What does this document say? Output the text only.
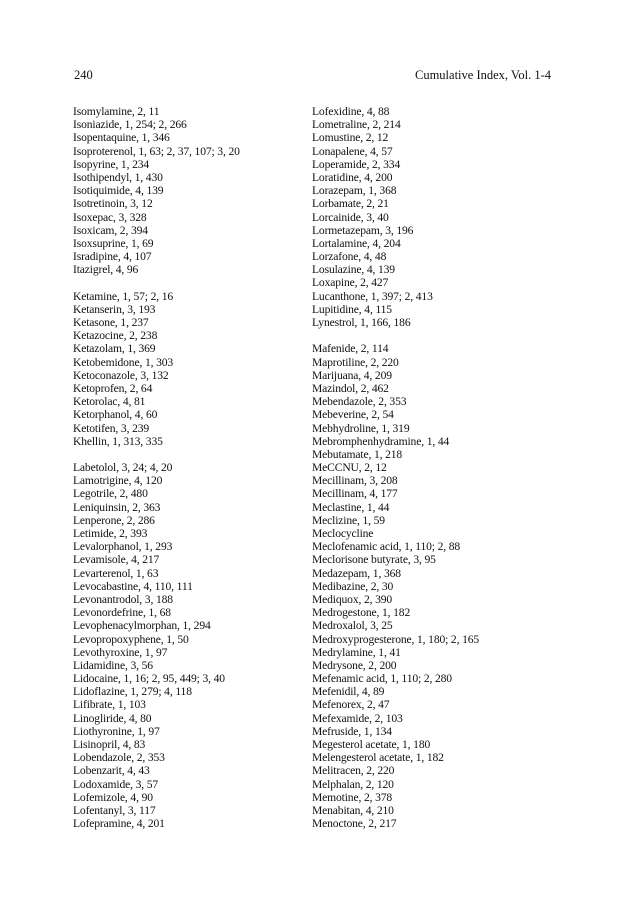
240	Cumulative Index, Vol. 1-4
Isomylamine, 2, 11
Isoniazide, 1, 254; 2, 266
Isopentaquine, 1, 346
Isoproterenol, 1, 63; 2, 37, 107; 3, 20
Isopyrine, 1, 234
Isothipendyl, 1, 430
Isotiquimide, 4, 139
Isotretinoin, 3, 12
Isoxepac, 3, 328
Isoxicam, 2, 394
Isoxsuprine, 1, 69
Isradipine, 4, 107
Itazigrel, 4, 96
Ketamine, 1, 57; 2, 16
Ketanserin, 3, 193
Ketasone, 1, 237
Ketazocine, 2, 238
Ketazolam, 1, 369
Ketobemidone, 1, 303
Ketoconazole, 3, 132
Ketoprofen, 2, 64
Ketorolac, 4, 81
Ketorphanol, 4, 60
Ketotifen, 3, 239
Khellin, 1, 313, 335
Labetolol, 3, 24; 4, 20
Lamotrigine, 4, 120
Legotrile, 2, 480
Leniquinsin, 2, 363
Lenperone, 2, 286
Letimide, 2, 393
Levalorphanol, 1, 293
Levamisole, 4, 217
Levarterenol, 1, 63
Levocabastine, 4, 110, 111
Levonantrodol, 3, 188
Levonordefrine, 1, 68
Levophenacylmorphan, 1, 294
Levopropoxyphene, 1, 50
Levothyroxine, 1, 97
Lidamidine, 3, 56
Lidocaine, 1, 16; 2, 95, 449; 3, 40
Lidoflazine, 1, 279; 4, 118
Lifibrate, 1, 103
Linogliride, 4, 80
Liothyronine, 1, 97
Lisinopril, 4, 83
Lobendazole, 2, 353
Lobenzarit, 4, 43
Lodoxamide, 3, 57
Lofemizole, 4, 90
Lofentanyl, 3, 117
Lofepramine, 4, 201
Lofexidine, 4, 88
Lometraline, 2, 214
Lomustine, 2, 12
Lonapalene, 4, 57
Loperamide, 2, 334
Loratidine, 4, 200
Lorazepam, 1, 368
Lorbamate, 2, 21
Lorcainide, 3, 40
Lormetazepam, 3, 196
Lortalamine, 4, 204
Lorzafone, 4, 48
Losulazine, 4, 139
Loxapine, 2, 427
Lucanthone, 1, 397; 2, 413
Lupitidine, 4, 115
Lynestrol, 1, 166, 186
Mafenide, 2, 114
Maprotiline, 2, 220
Marijuana, 4, 209
Mazindol, 2, 462
Mebendazole, 2, 353
Mebeverine, 2, 54
Mebhydroline, 1, 319
Mebromphenhydramine, 1, 44
Mebutamate, 1, 218
MeCCNU, 2, 12
Mecillinam, 3, 208
Mecillinam, 4, 177
Meclastine, 1, 44
Meclizine, 1, 59
Meclocycline
Meclofenamic acid, 1, 110; 2, 88
Meclorisone butyrate, 3, 95
Medazepam, 1, 368
Medibazine, 2, 30
Mediquox, 2, 390
Medrogestone, 1, 182
Medroxalol, 3, 25
Medroxyprogesterone, 1, 180; 2, 165
Medrylamine, 1, 41
Medrysone, 2, 200
Mefenamic acid, 1, 110; 2, 280
Mefenidil, 4, 89
Mefenorex, 2, 47
Mefexamide, 2, 103
Mefruside, 1, 134
Megesterol acetate, 1, 180
Melengesterol acetate, 1, 182
Melitracen, 2, 220
Melphalan, 2, 120
Memotine, 2, 378
Menabitan, 4, 210
Menoctone, 2, 217
